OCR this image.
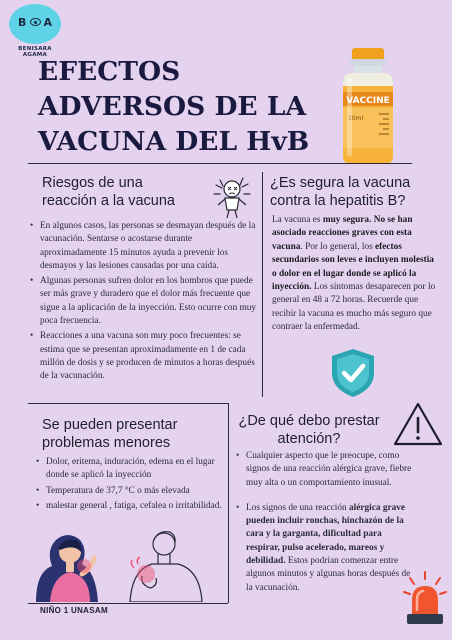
B A
BENISARA AGAMA
EFECTOS
ADVERSOS DE LA
VACUNA DEL HvB
VACCINE
10ml
Riesgos de una
reacción a la vacuna
• En algunos casos, las personas se desmayan después de la vacunación. Sentarse o acostarse durante aproximadamente 15 minutos ayuda a prevenir los desmayos y las lesiones causadas por una caída.
• Algunas personas sufren dolor en los hombros que puede ser más grave y duradero que el dolor más frecuente que sigue a la aplicación de la inyección. Esto ocurre con muy poca frecuencia.
• Reacciones a una vacuna son muy poco frecuentes: se estima que se presentan aproximadamente en 1 de cada millón de dosis y se producen de minutos a horas después de la vacunación.
¿Es segura la vacuna
contra la hepatitis B?

La vacuna es muy segura. No se han asociado reacciones graves con esta vacuna. Por lo general, los efectos secundarios son leves e incluyen molestia o dolor en el lugar donde se aplicó la inyección. Los síntomas desaparecen por lo general en 48 a 72 horas. Recuerde que recibir la vacuna es mucho más seguro que contraer la enfermedad.

Se pueden presentar
problemas menores
• Dolor, eritema, induración, edema en el lugar donde se aplicó la inyección
• Temperatura de 37,7 °C o más elevada
• malestar general , fatiga, cefalea o irritabilidad.
¿De qué debo prestar
atención?
• Cualquier aspecto que le preocupe, como signos de una reacción alérgica grave, fiebre muy alta o un comportamiento inusual.
• Los signos de una reacción alérgica grave pueden incluir ronchas, hinchazón de la cara y la garganta, dificultad para respirar, pulso acelerado, mareos y debilidad. Estos podrían comenzar entre algunos minutos y algunas horas después de la vacunación.
NIÑO 1 UNASAM
